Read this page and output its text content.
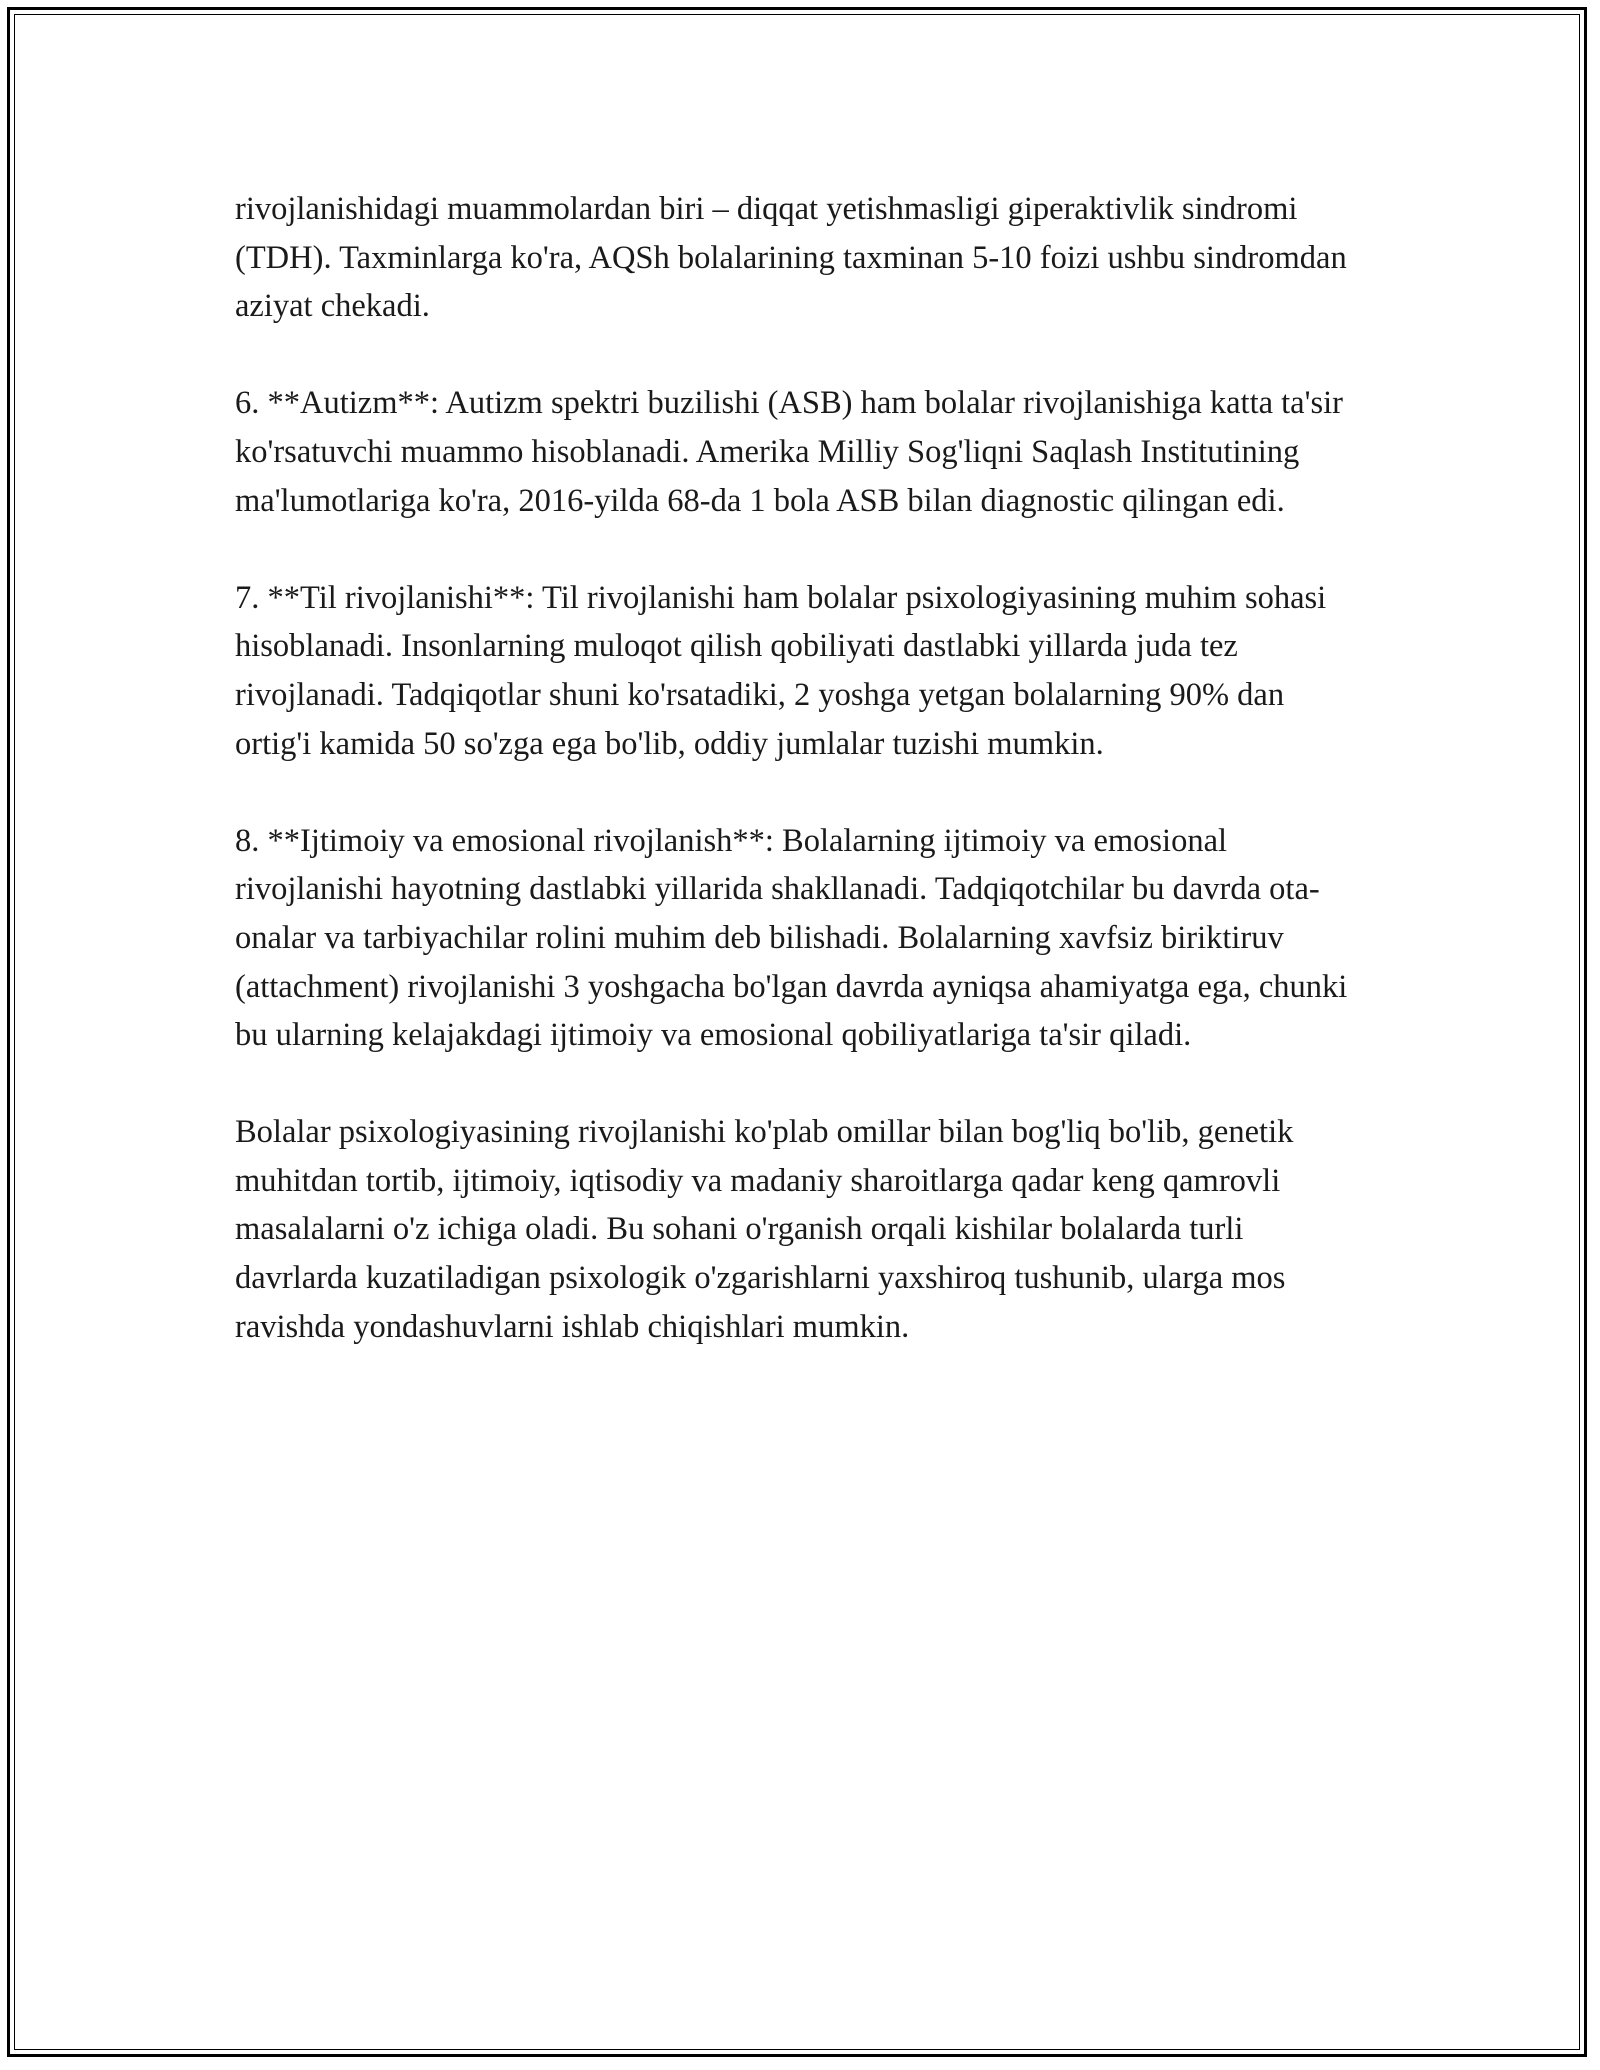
rivojlanishidagi muammolardan biri – diqqat yetishmasligi giperaktivlik sindromi (TDH). Taxminlarga ko'ra, AQSh bolalarining taxminan 5-10 foizi ushbu sindromdan aziyat chekadi.

6. **Autizm**: Autizm spektri buzilishi (ASB) ham bolalar rivojlanishiga katta ta'sir ko'rsatuvchi muammo hisoblanadi. Amerika Milliy Sog'liqni Saqlash Institutining ma'lumotlariga ko'ra, 2016-yilda 68-da 1 bola ASB bilan diagnostic qilingan edi.

7. **Til rivojlanishi**: Til rivojlanishi ham bolalar psixologiyasining muhim sohasi hisoblanadi. Insonlarning muloqot qilish qobiliyati dastlabki yillarda juda tez rivojlanadi. Tadqiqotlar shuni ko'rsatadiki, 2 yoshga yetgan bolalarning 90% dan ortig'i kamida 50 so'zga ega bo'lib, oddiy jumlalar tuzishi mumkin.

8. **Ijtimoiy va emosional rivojlanish**: Bolalarning ijtimoiy va emosional rivojlanishi hayotning dastlabki yillarida shakllanadi. Tadqiqotchilar bu davrda ota-onalar va tarbiyachilar rolini muhim deb bilishadi. Bolalarning xavfsiz biriktiruv (attachment) rivojlanishi 3 yoshgacha bo'lgan davrda ayniqsa ahamiyatga ega, chunki bu ularning kelajakdagi ijtimoiy va emosional qobiliyatlariga ta'sir qiladi.

Bolalar psixologiyasining rivojlanishi ko'plab omillar bilan bog'liq bo'lib, genetik muhitdan tortib, ijtimoiy, iqtisodiy va madaniy sharoitlarga qadar keng qamrovli masalalarni o'z ichiga oladi. Bu sohani o'rganish orqali kishilar bolalarda turli davrlarda kuzatiladigan psixologik o'zgarishlarni yaxshiroq tushunib, ularga mos ravishda yondashuvlarni ishlab chiqishlari mumkin.
